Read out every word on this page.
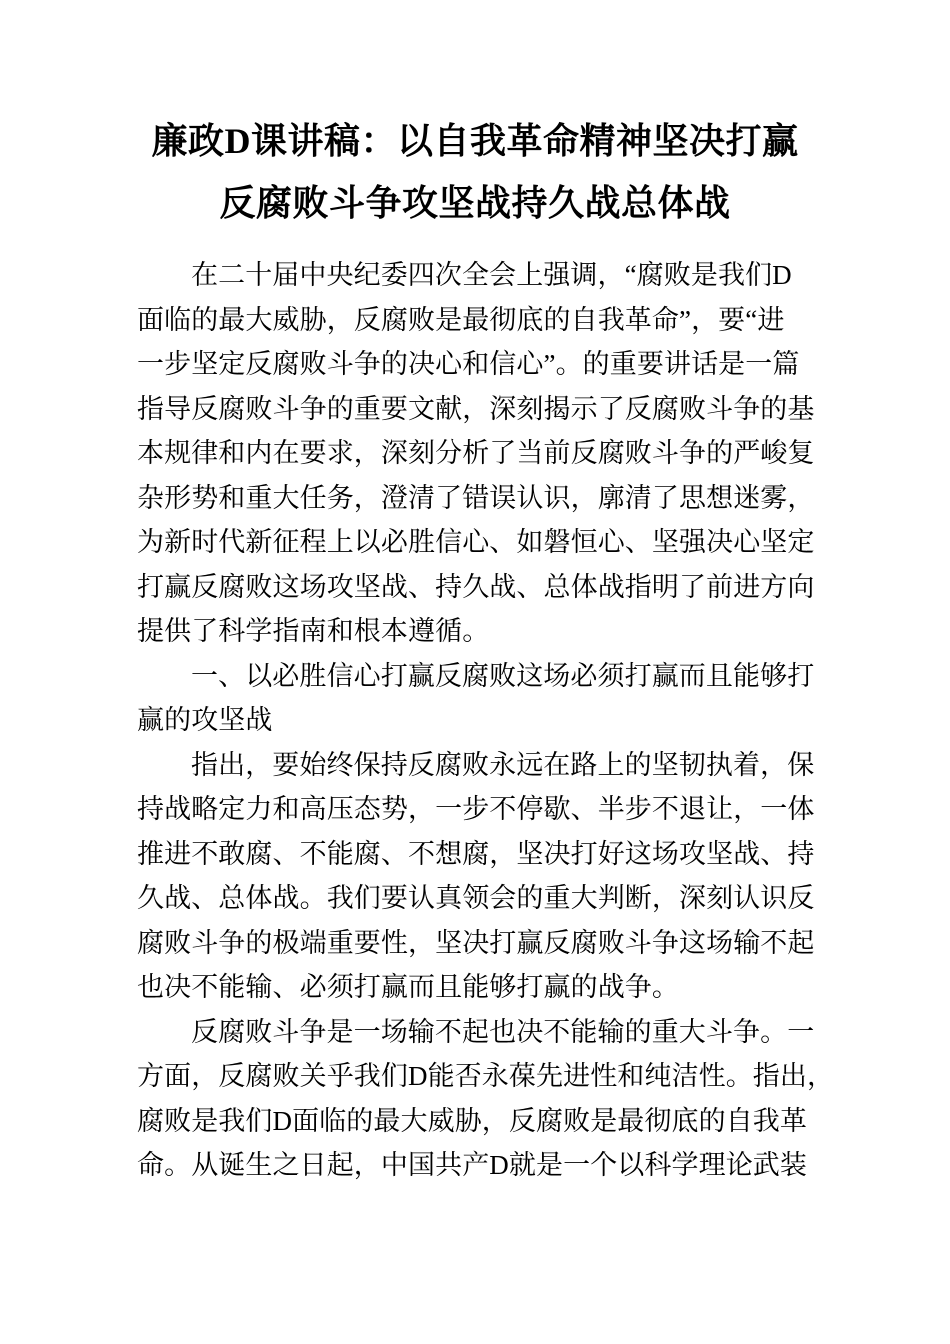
廉政D课讲稿：以自我革命精神坚决打赢
反腐败斗争攻坚战持久战总体战
在二十届中央纪委四次全会上强调，“腐败是我们D
面临的最大威胁，反腐败是最彻底的自我革命”，要“进
一步坚定反腐败斗争的决心和信心”。的重要讲话是一篇
指导反腐败斗争的重要文献，深刻揭示了反腐败斗争的基
本规律和内在要求，深刻分析了当前反腐败斗争的严峻复
杂形势和重大任务，澄清了错误认识，廓清了思想迷雾，
为新时代新征程上以必胜信心、如磐恒心、坚强决心坚定
打赢反腐败这场攻坚战、持久战、总体战指明了前进方向
提供了科学指南和根本遵循。
一、以必胜信心打赢反腐败这场必须打赢而且能够打
赢的攻坚战
指出，要始终保持反腐败永远在路上的坚韧执着，保
持战略定力和高压态势，一步不停歇、半步不退让，一体
推进不敢腐、不能腐、不想腐，坚决打好这场攻坚战、持
久战、总体战。我们要认真领会的重大判断，深刻认识反
腐败斗争的极端重要性，坚决打赢反腐败斗争这场输不起
也决不能输、必须打赢而且能够打赢的战争。
反腐败斗争是一场输不起也决不能输的重大斗争。一
方面，反腐败关乎我们D能否永葆先进性和纯洁性。指出，
腐败是我们D面临的最大威胁，反腐败是最彻底的自我革
命。从诞生之日起，中国共产D就是一个以科学理论武装
